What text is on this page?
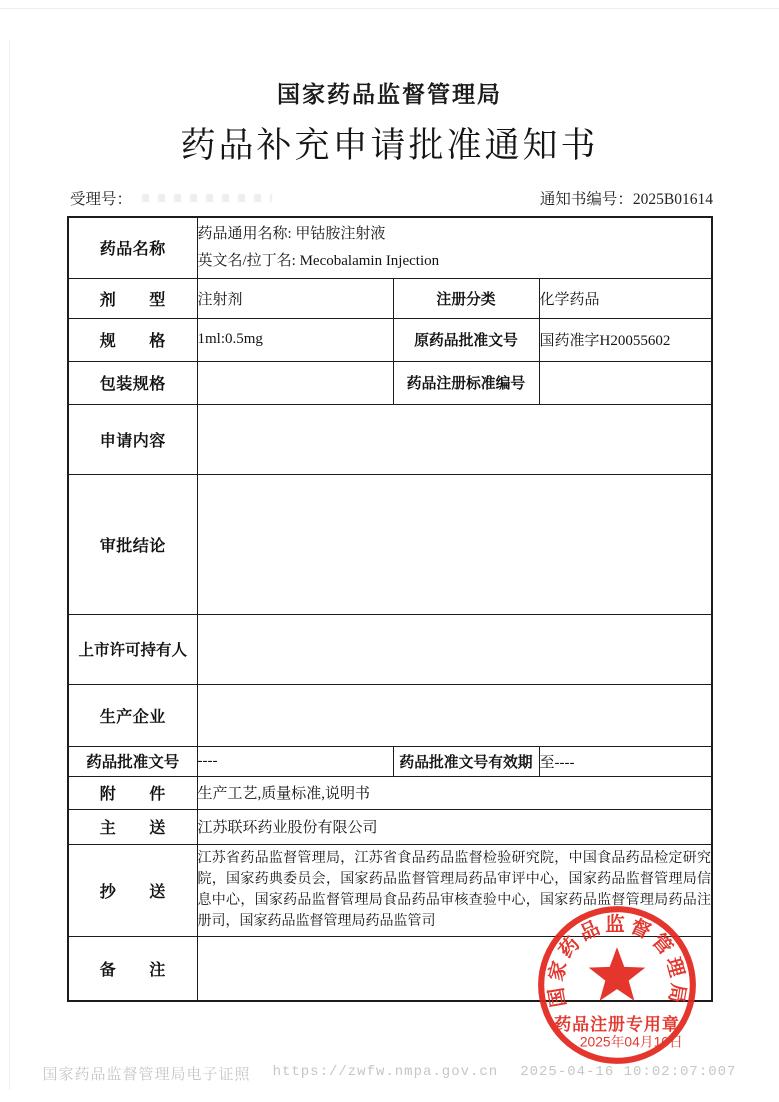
国家药品监督管理局
药品补充申请批准通知书
受理号：	通知书编号：2025B01614
药品名称	药品通用名称: 甲钴胺注射液
英文名/拉丁名: Mecobalamin Injection		

剂　　型	注射剂	注册分类	化学药品
规　　格	1ml:0.5mg	原药品批准文号	国药准字H20055602
包装规格		药品注册标准编号	
申请内容			
审批结论			
上市许可持有人			
生产企业			
药品批准文号	----	药品批准文号有效期	至----
附　　件	生产工艺,质量标准,说明书		
主　　送	江苏联环药业股份有限公司		
抄　　送	江苏省药品监督管理局，江苏省食品药品监督检验研究院，中国食品药品检定研究院，国家药典委员会，国家药品监督管理局药品审评中心，国家药品监督管理局信息中心，国家药品监督管理局食品药品审核查验中心，国家药品监督管理局药品注册司，国家药品监督管理局药品监管司		
备　　注			
国家药品监督管理局
药品注册专用章
2025年04月10日
国家药品监督管理局电子证照 https://zwfw.nmpa.gov.cn 2025-04-16 10:02:07:007
